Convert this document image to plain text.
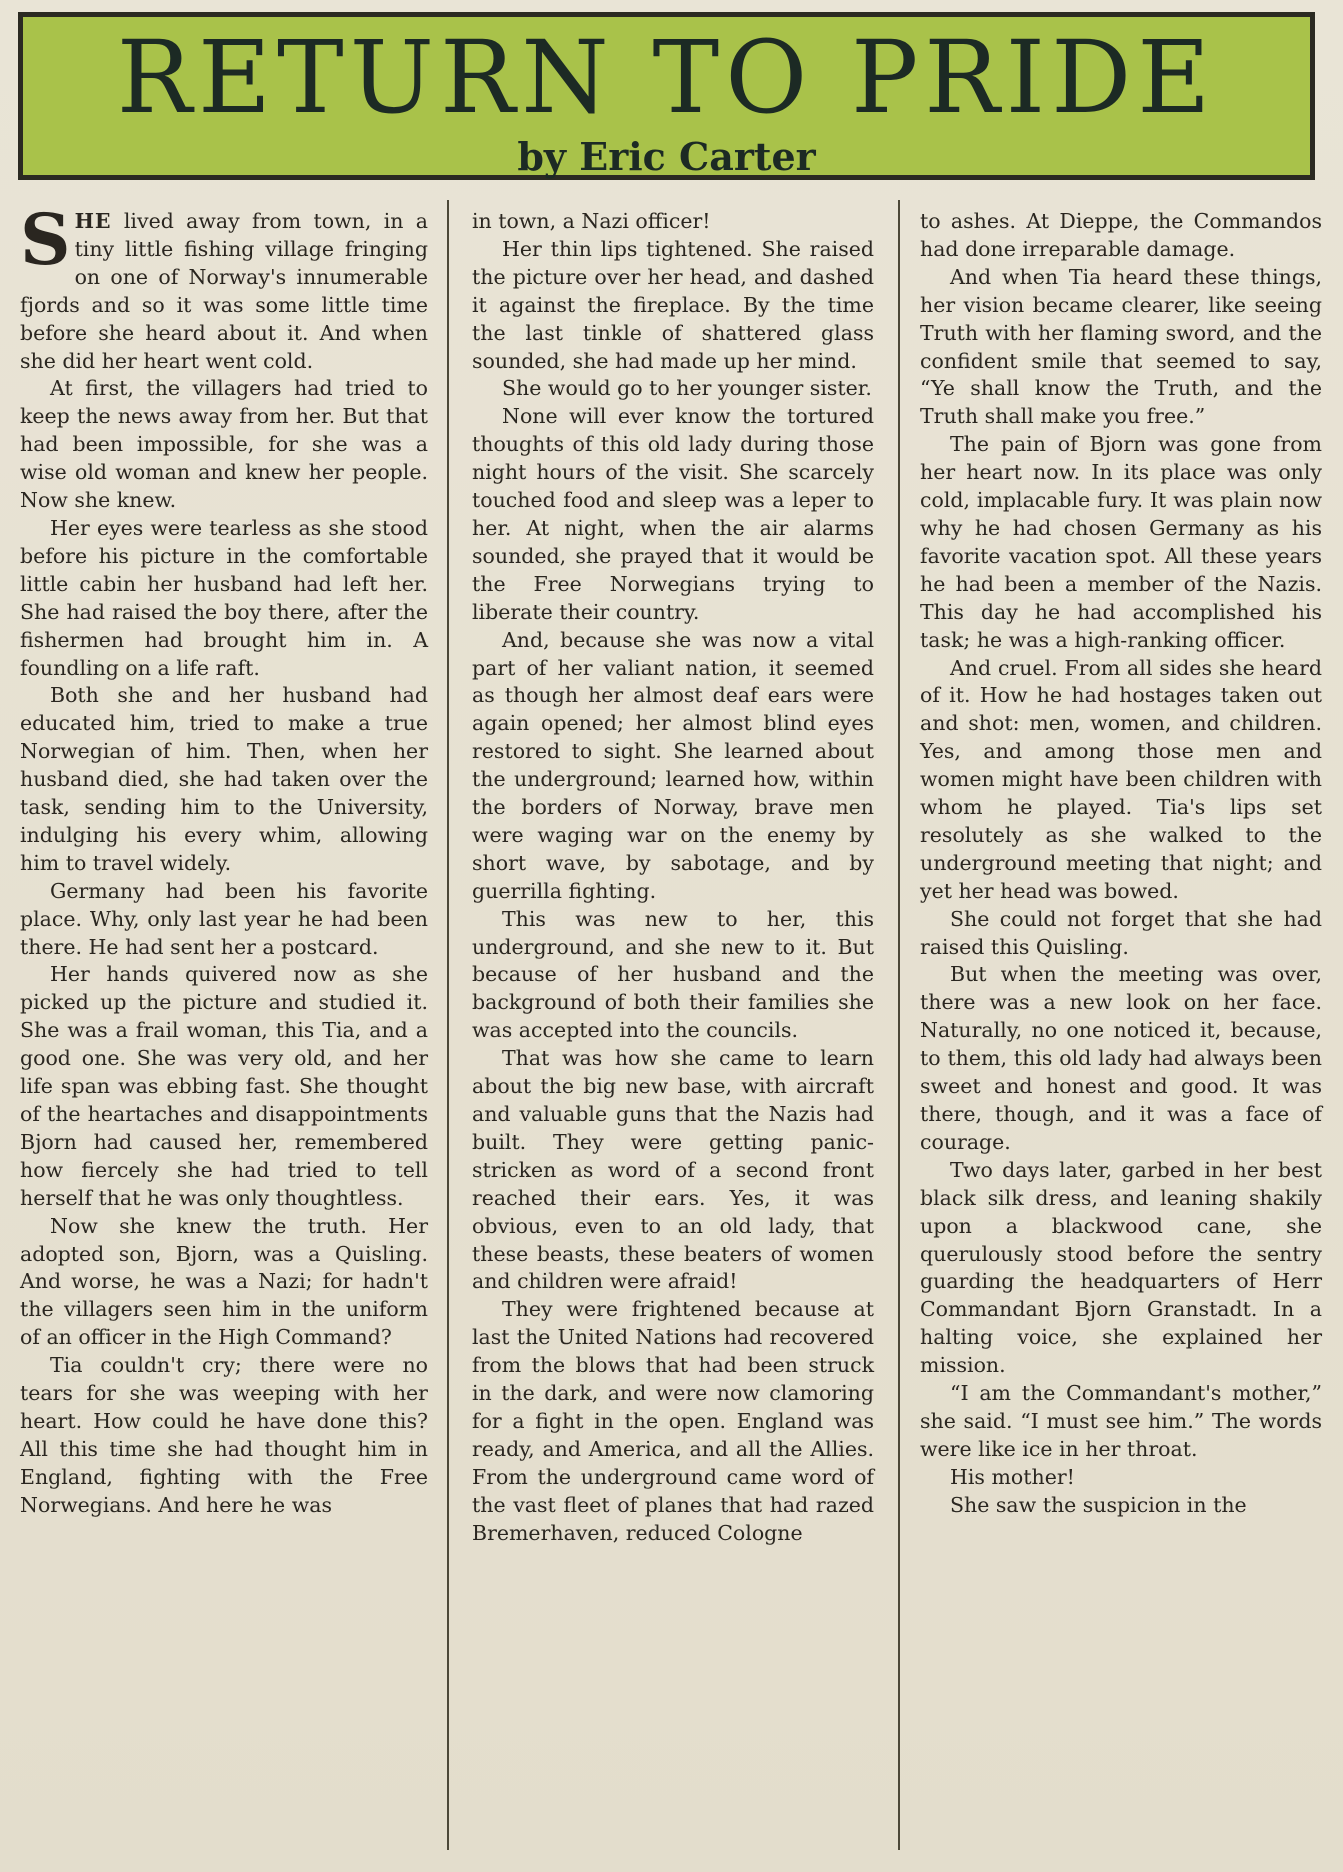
RETURN TO PRIDE
by Eric Carter

SHE lived away from town, in a tiny little fishing village fringing on one of Norway's innumerable fjords and so it was some little time before she heard about it. And when she did her heart went cold.

At first, the villagers had tried to keep the news away from her. But that had been impossible, for she was a wise old woman and knew her people. Now she knew.

Her eyes were tearless as she stood before his picture in the comfortable little cabin her husband had left her. She had raised the boy there, after the fishermen had brought him in. A foundling on a life raft.

Both she and her husband had educated him, tried to make a true Norwegian of him. Then, when her husband died, she had taken over the task, sending him to the University, indulging his every whim, allowing him to travel widely.

Germany had been his favorite place. Why, only last year he had been there. He had sent her a postcard.

Her hands quivered now as she picked up the picture and studied it. She was a frail woman, this Tia, and a good one. She was very old, and her life span was ebbing fast. She thought of the heartaches and disappointments Bjorn had caused her, remembered how fiercely she had tried to tell herself that he was only thoughtless.

Now she knew the truth. Her adopted son, Bjorn, was a Quisling. And worse, he was a Nazi; for hadn't the villagers seen him in the uniform of an officer in the High Command?

Tia couldn't cry; there were no tears for she was weeping with her heart. How could he have done this? All this time she had thought him in England, fighting with the Free Norwegians. And here he was

in town, a Nazi officer!

Her thin lips tightened. She raised the picture over her head, and dashed it against the fireplace. By the time the last tinkle of shattered glass sounded, she had made up her mind.

She would go to her younger sister.

None will ever know the tortured thoughts of this old lady during those night hours of the visit. She scarcely touched food and sleep was a leper to her. At night, when the air alarms sounded, she prayed that it would be the Free Norwegians trying to liberate their country.

And, because she was now a vital part of her valiant nation, it seemed as though her almost deaf ears were again opened; her almost blind eyes restored to sight. She learned about the underground; learned how, within the borders of Norway, brave men were waging war on the enemy by short wave, by sabotage, and by guerrilla fighting.

This was new to her, this underground, and she new to it. But because of her husband and the background of both their families she was accepted into the councils.

That was how she came to learn about the big new base, with aircraft and valuable guns that the Nazis had built. They were getting panic-stricken as word of a second front reached their ears. Yes, it was obvious, even to an old lady, that these beasts, these beaters of women and children were afraid!

They were frightened because at last the United Nations had recovered from the blows that had been struck in the dark, and were now clamoring for a fight in the open. England was ready, and America, and all the Allies. From the underground came word of the vast fleet of planes that had razed Bremerhaven, reduced Cologne

to ashes. At Dieppe, the Commandos had done irreparable damage.

And when Tia heard these things, her vision became clearer, like seeing Truth with her flaming sword, and the confident smile that seemed to say, “Ye shall know the Truth, and the Truth shall make you free.”

The pain of Bjorn was gone from her heart now. In its place was only cold, implacable fury. It was plain now why he had chosen Germany as his favorite vacation spot. All these years he had been a member of the Nazis. This day he had accomplished his task; he was a high-ranking officer.

And cruel. From all sides she heard of it. How he had hostages taken out and shot: men, women, and children. Yes, and among those men and women might have been children with whom he played. Tia's lips set resolutely as she walked to the underground meeting that night; and yet her head was bowed.

She could not forget that she had raised this Quisling.

But when the meeting was over, there was a new look on her face. Naturally, no one noticed it, because, to them, this old lady had always been sweet and honest and good. It was there, though, and it was a face of courage.

Two days later, garbed in her best black silk dress, and leaning shakily upon a blackwood cane, she querulously stood before the sentry guarding the headquarters of Herr Commandant Bjorn Granstadt. In a halting voice, she explained her mission.

“I am the Commandant's mother,” she said. “I must see him.” The words were like ice in her throat.

His mother!

She saw the suspicion in the
